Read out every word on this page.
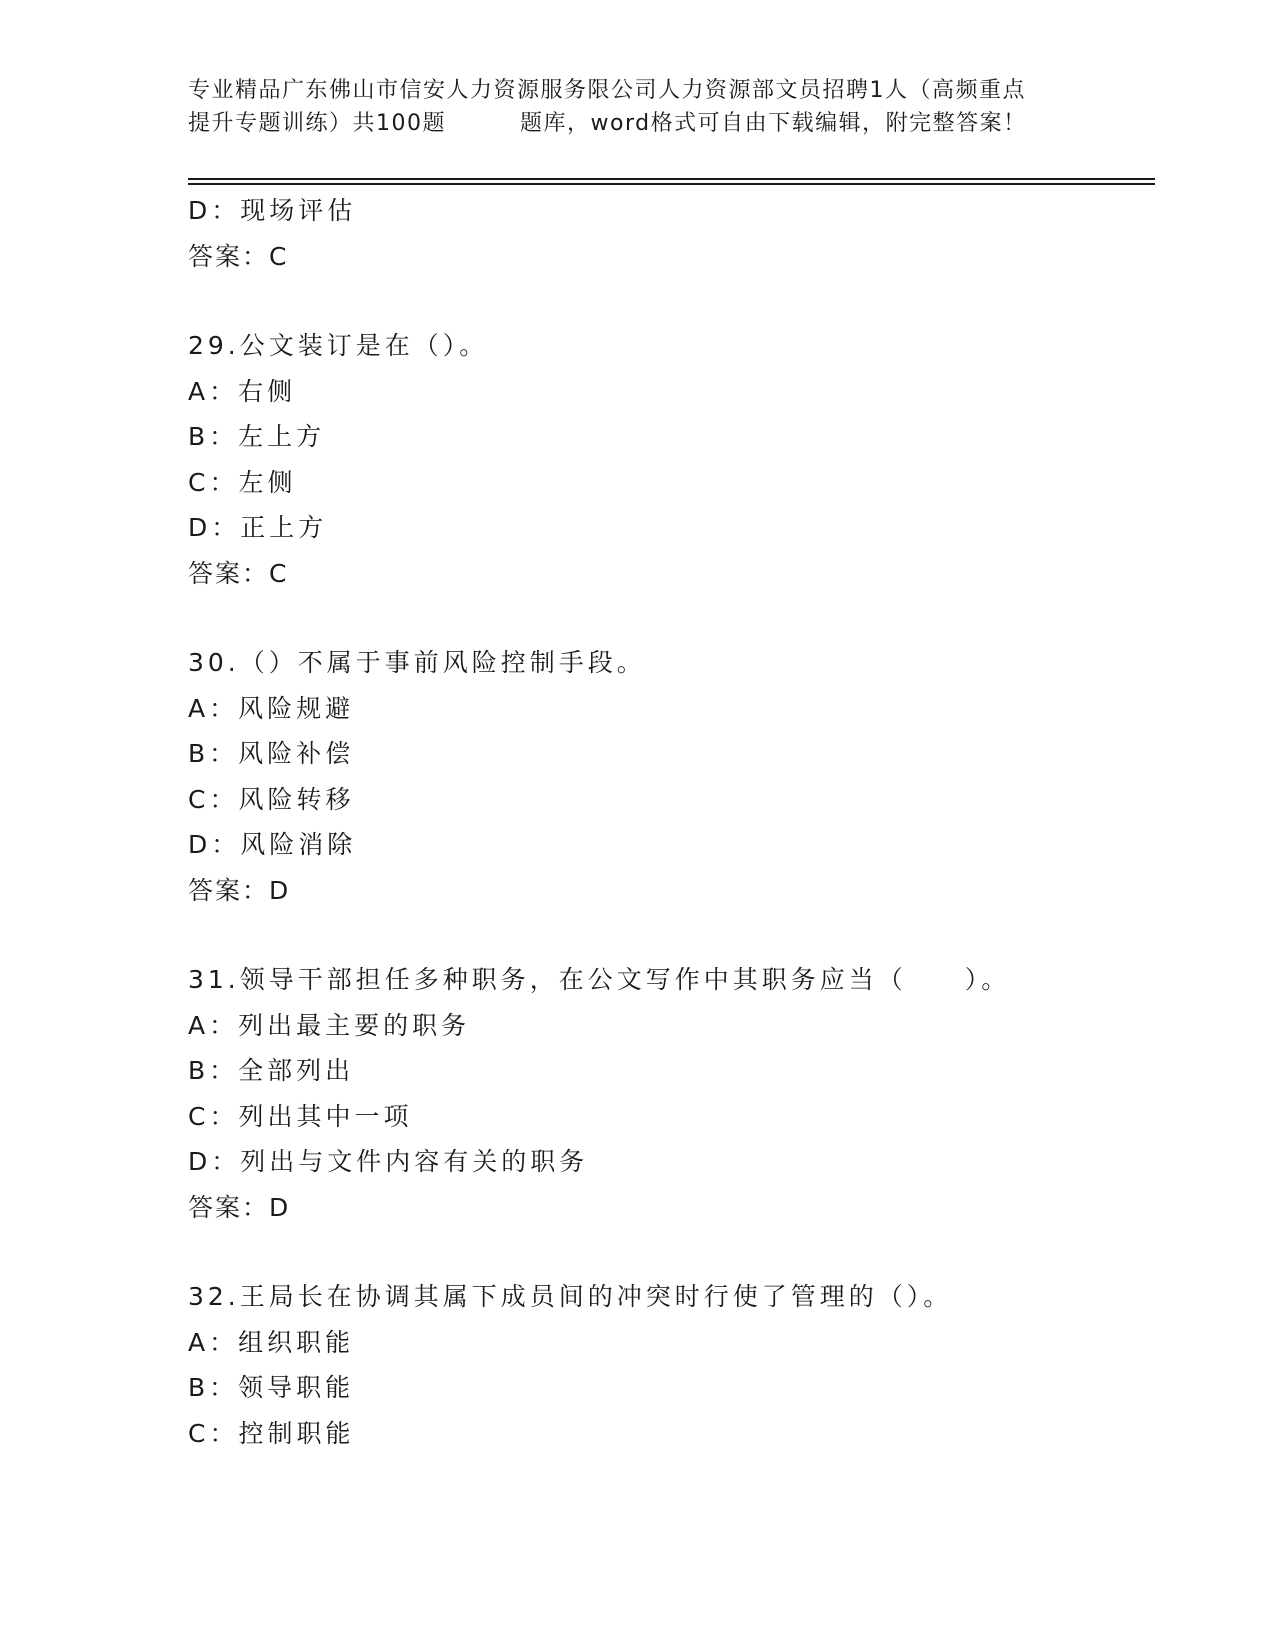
专业精品广东佛山市信安人力资源服务限公司人力资源部文员招聘1人（高频重点
提升专题训练）共100题	题库，word格式可自由下载编辑，附完整答案！
D：现场评估
答案：C
29.公文装订是在（）。
A：右侧
B：左上方
C：左侧
D：正上方
答案：C
30.（）不属于事前风险控制手段。
A：风险规避
B：风险补偿
C：风险转移
D：风险消除
答案：D
31.领导干部担任多种职务，在公文写作中其职务应当（　　）。
A：列出最主要的职务
B：全部列出
C：列出其中一项
D：列出与文件内容有关的职务
答案：D
32.王局长在协调其属下成员间的冲突时行使了管理的（）。
A：组织职能
B：领导职能
C：控制职能
